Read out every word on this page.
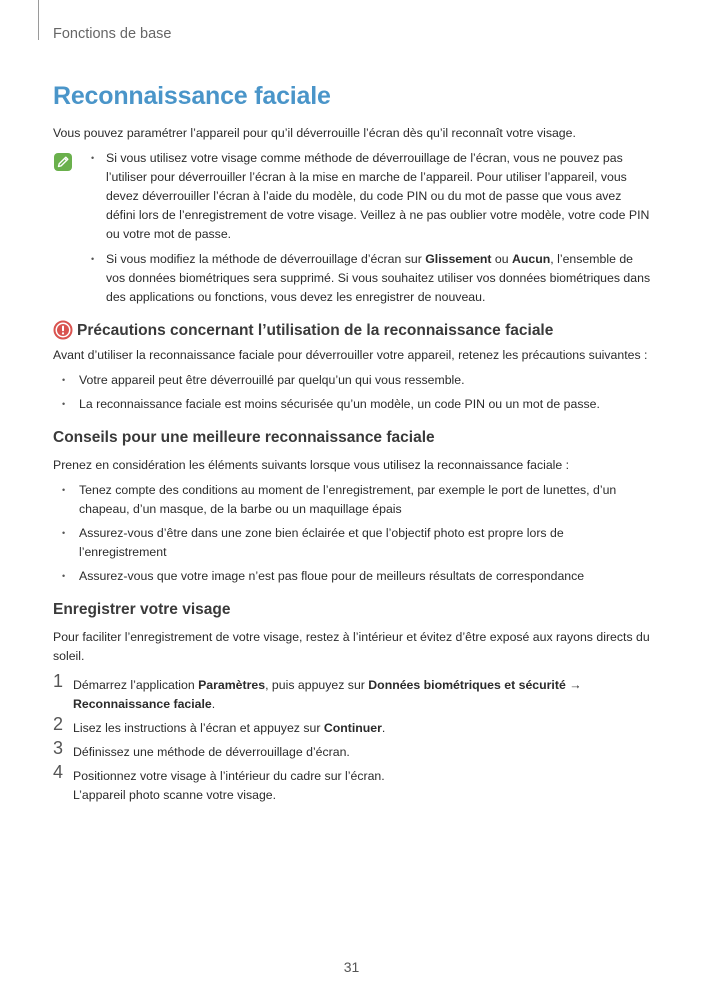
Fonctions de base
Reconnaissance faciale

Vous pouvez paramétrer l’appareil pour qu’il déverrouille l’écran dès qu’il reconnaît votre visage.

• Si vous utilisez votre visage comme méthode de déverrouillage de l’écran, vous ne pouvez pas l’utiliser pour déverrouiller l’écran à la mise en marche de l’appareil. Pour utiliser l’appareil, vous devez déverrouiller l’écran à l’aide du modèle, du code PIN ou du mot de passe que vous avez défini lors de l’enregistrement de votre visage. Veillez à ne pas oublier votre modèle, votre code PIN ou votre mot de passe.
• Si vous modifiez la méthode de déverrouillage d’écran sur Glissement ou Aucun, l’ensemble de vos données biométriques sera supprimé. Si vous souhaitez utiliser vos données biométriques dans des applications ou fonctions, vous devez les enregistrer de nouveau.
Précautions concernant l’utilisation de la reconnaissance faciale

Avant d’utiliser la reconnaissance faciale pour déverrouiller votre appareil, retenez les précautions suivantes :

• Votre appareil peut être déverrouillé par quelqu’un qui vous ressemble.
• La reconnaissance faciale est moins sécurisée qu’un modèle, un code PIN ou un mot de passe.
Conseils pour une meilleure reconnaissance faciale

Prenez en considération les éléments suivants lorsque vous utilisez la reconnaissance faciale :

• Tenez compte des conditions au moment de l’enregistrement, par exemple le port de lunettes, d’un chapeau, d’un masque, de la barbe ou un maquillage épais
• Assurez-vous d’être dans une zone bien éclairée et que l’objectif photo est propre lors de l’enregistrement
• Assurez-vous que votre image n’est pas floue pour de meilleurs résultats de correspondance
Enregistrer votre visage

Pour faciliter l’enregistrement de votre visage, restez à l’intérieur et évitez d’être exposé aux rayons directs du soleil.

1 Démarrez l’application Paramètres, puis appuyez sur Données biométriques et sécurité → Reconnaissance faciale.
2 Lisez les instructions à l’écran et appuyez sur Continuer.
3 Définissez une méthode de déverrouillage d’écran.
4 Positionnez votre visage à l’intérieur du cadre sur l’écran.
L’appareil photo scanne votre visage.
31
